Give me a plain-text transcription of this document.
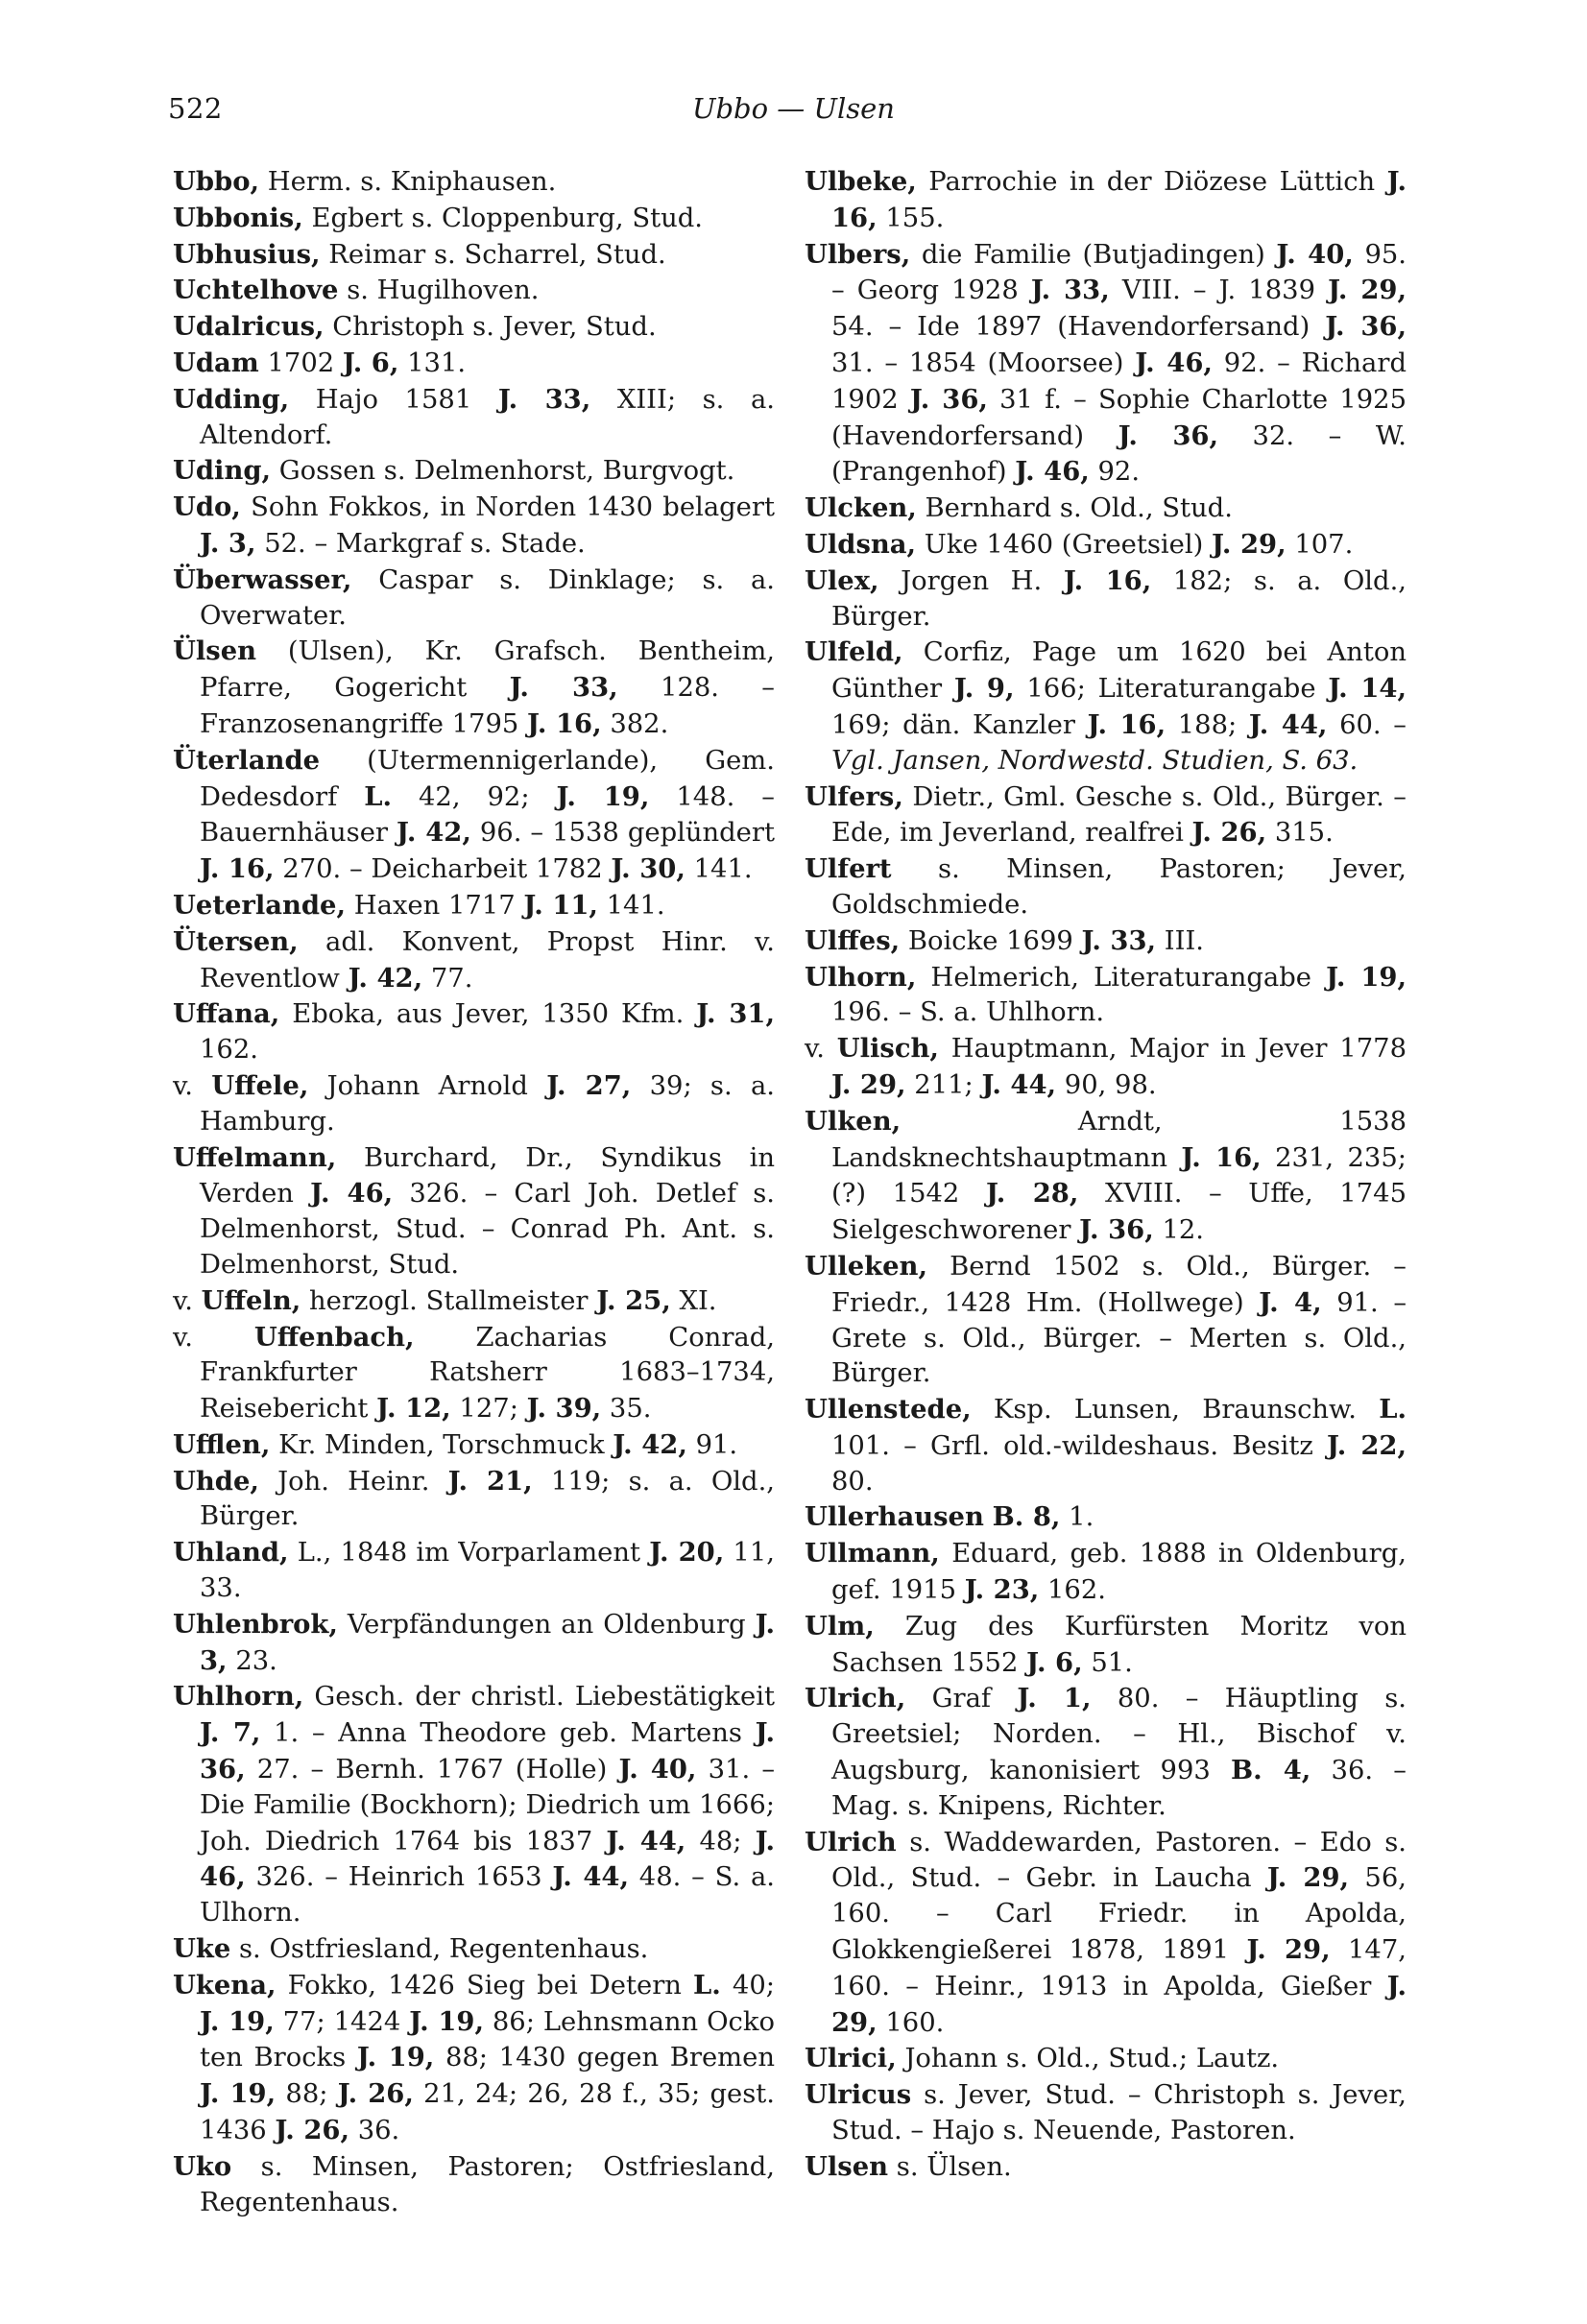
522	Ubbo — Ulsen
Ubbo, Herm. s. Kniphausen.
Ubbonis, Egbert s. Cloppenburg, Stud.
Ubhusius, Reimar s. Scharrel, Stud.
Uchtelhove s. Hugilhoven.
Udalricus, Christoph s. Jever, Stud.
Udam 1702 J. 6, 131.
Udding, Hajo 1581 J. 33, XIII; s. a. Altendorf.
Uding, Gossen s. Delmenhorst, Burgvogt.
Udo, Sohn Fokkos, in Norden 1430 belagert J. 3, 52. – Markgraf s. Stade.
Überwasser, Caspar s. Dinklage; s. a. Overwater.
Ülsen (Ulsen), Kr. Grafsch. Bentheim, Pfarre, Gogericht J. 33, 128. – Franzosenangriffe 1795 J. 16, 382.
Üterlande (Utermennigerlande), Gem. Dedesdorf L. 42, 92; J. 19, 148. – Bauernhäuser J. 42, 96. – 1538 geplündert J. 16, 270. – Deicharbeit 1782 J. 30, 141.
Ueterlande, Haxen 1717 J. 11, 141.
Ütersen, adl. Konvent, Propst Hinr. v. Reventlow J. 42, 77.
Uffana, Eboka, aus Jever, 1350 Kfm. J. 31, 162.
v. Uffele, Johann Arnold J. 27, 39; s. a. Hamburg.
Uffelmann, Burchard, Dr., Syndikus in Verden J. 46, 326. – Carl Joh. Detlef s. Delmenhorst, Stud. – Conrad Ph. Ant. s. Delmenhorst, Stud.
v. Uffeln, herzogl. Stallmeister J. 25, XI.
v. Uffenbach, Zacharias Conrad, Frankfurter Ratsherr 1683–1734, Reisebericht J. 12, 127; J. 39, 35.
Ufflen, Kr. Minden, Torschmuck J. 42, 91.
Uhde, Joh. Heinr. J. 21, 119; s. a. Old., Bürger.
Uhland, L., 1848 im Vorparlament J. 20, 11, 33.
Uhlenbrok, Verpfändungen an Oldenburg J. 3, 23.
Uhlhorn, Gesch. der christl. Liebestätigkeit J. 7, 1. – Anna Theodore geb. Martens J. 36, 27. – Bernh. 1767 (Holle) J. 40, 31. – Die Familie (Bockhorn); Diedrich um 1666; Joh. Diedrich 1764 bis 1837 J. 44, 48; J. 46, 326. – Heinrich 1653 J. 44, 48. – S. a. Ulhorn.
Uke s. Ostfriesland, Regentenhaus.
Ukena, Fokko, 1426 Sieg bei Detern L. 40; J. 19, 77; 1424 J. 19, 86; Lehnsmann Ocko ten Brocks J. 19, 88; 1430 gegen Bremen J. 19, 88; J. 26, 21, 24; 26, 28 f., 35; gest. 1436 J. 26, 36.
Uko s. Minsen, Pastoren; Ostfriesland, Regentenhaus.
Ulbeke, Parrochie in der Diözese Lüttich J. 16, 155.
Ulbers, die Familie (Butjadingen) J. 40, 95. – Georg 1928 J. 33, VIII. – J. 1839 J. 29, 54. – Ide 1897 (Havendorfersand) J. 36, 31. – 1854 (Moorsee) J. 46, 92. – Richard 1902 J. 36, 31 f. – Sophie Charlotte 1925 (Havendorfersand) J. 36, 32. – W. (Prangenhof) J. 46, 92.
Ulcken, Bernhard s. Old., Stud.
Uldsna, Uke 1460 (Greetsiel) J. 29, 107.
Ulex, Jorgen H. J. 16, 182; s. a. Old., Bürger.
Ulfeld, Corfiz, Page um 1620 bei Anton Günther J. 9, 166; Literaturangabe J. 14, 169; dän. Kanzler J. 16, 188; J. 44, 60. – Vgl. Jansen, Nordwestd. Studien, S. 63.
Ulfers, Dietr., Gml. Gesche s. Old., Bürger. – Ede, im Jeverland, realfrei J. 26, 315.
Ulfert s. Minsen, Pastoren; Jever, Goldschmiede.
Ulffes, Boicke 1699 J. 33, III.
Ulhorn, Helmerich, Literaturangabe J. 19, 196. – S. a. Uhlhorn.
v. Ulisch, Hauptmann, Major in Jever 1778 J. 29, 211; J. 44, 90, 98.
Ulken, Arndt, 1538 Landsknechtshauptmann J. 16, 231, 235; (?) 1542 J. 28, XVIII. – Uffe, 1745 Sielgeschworener J. 36, 12.
Ulleken, Bernd 1502 s. Old., Bürger. – Friedr., 1428 Hm. (Hollwege) J. 4, 91. – Grete s. Old., Bürger. – Merten s. Old., Bürger.
Ullenstede, Ksp. Lunsen, Braunschw. L. 101. – Grfl. old.-wildeshaus. Besitz J. 22, 80.
Ullerhausen B. 8, 1.
Ullmann, Eduard, geb. 1888 in Oldenburg, gef. 1915 J. 23, 162.
Ulm, Zug des Kurfürsten Moritz von Sachsen 1552 J. 6, 51.
Ulrich, Graf J. 1, 80. – Häuptling s. Greetsiel; Norden. – Hl., Bischof v. Augsburg, kanonisiert 993 B. 4, 36. – Mag. s. Knipens, Richter.
Ulrich s. Waddewarden, Pastoren. – Edo s. Old., Stud. – Gebr. in Laucha J. 29, 56, 160. – Carl Friedr. in Apolda, Glokkengießerei 1878, 1891 J. 29, 147, 160. – Heinr., 1913 in Apolda, Gießer J. 29, 160.
Ulrici, Johann s. Old., Stud.; Lautz.
Ulricus s. Jever, Stud. – Christoph s. Jever, Stud. – Hajo s. Neuende, Pastoren.
Ulsen s. Ülsen.
